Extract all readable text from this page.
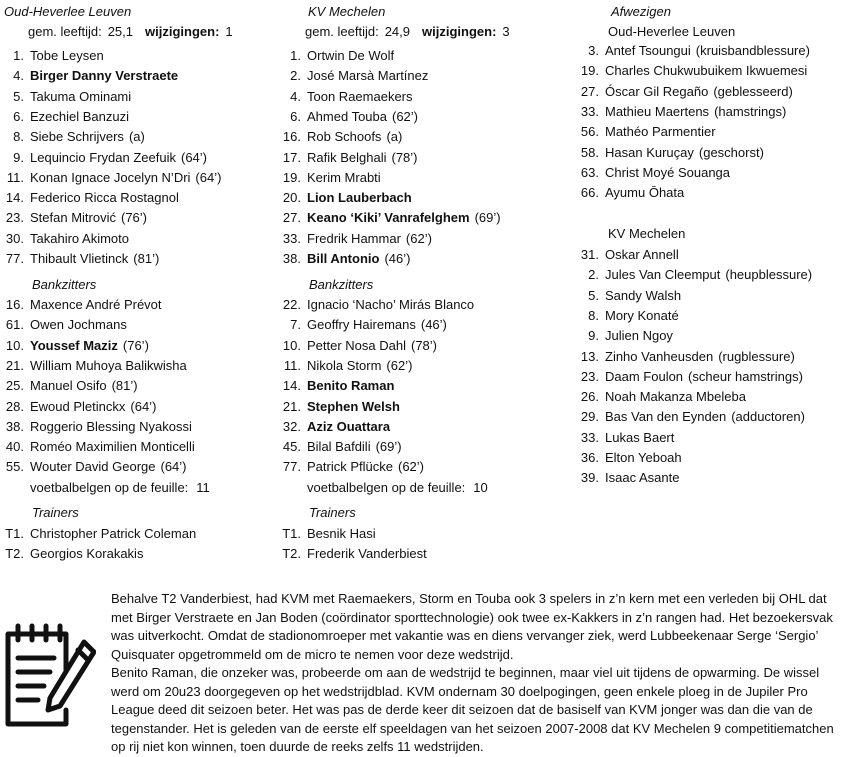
Oud-Heverlee Leuven
gem. leeftijd: 25,1 wijzigingen: 1
1. Tobe Leysen
4. Birger Danny Verstraete
5. Takuma Ominami
6. Ezechiel Banzuzi
8. Siebe Schrijvers (a)
9. Lequincio Frydan Zeefuik (64’)
11. Konan Ignace Jocelyn N’Dri (64’)
14. Federico Ricca Rostagnol
23. Stefan Mitrović (76’)
30. Takahiro Akimoto
77. Thibault Vlietinck (81’)
Bankzitters
16. Maxence André Prévot
61. Owen Jochmans
10. Youssef Maziz (76’)
21. William Muhoya Balikwisha
25. Manuel Osifo (81’)
28. Ewoud Pletinckx (64’)
38. Roggerio Blessing Nyakossi
40. Roméo Maximilien Monticelli
55. Wouter David George (64’)
voetbalbelgen op de feuille: 11
Trainers
T1. Christopher Patrick Coleman
T2. Georgios Korakakis
KV Mechelen
gem. leeftijd: 24,9 wijzigingen: 3
1. Ortwin De Wolf
2. José Marsà Martínez
4. Toon Raemaekers
6. Ahmed Touba (62’)
16. Rob Schoofs (a)
17. Rafik Belghali (78’)
19. Kerim Mrabti
20. Lion Lauberbach
27. Keano ‘Kiki’ Vanrafelghem (69’)
33. Fredrik Hammar (62’)
38. Bill Antonio (46’)
Bankzitters
22. Ignacio ‘Nacho’ Mirás Blanco
7. Geoffry Hairemans (46’)
10. Petter Nosa Dahl (78’)
11. Nikola Storm (62’)
14. Benito Raman
21. Stephen Welsh
32. Aziz Ouattara
45. Bilal Bafdili (69’)
77. Patrick Pflücke (62’)
voetbalbelgen op de feuille: 10
Trainers
T1. Besnik Hasi
T2. Frederik Vanderbiest
Afwezigen
Oud-Heverlee Leuven
3. Antef Tsoungui (kruisbandblessure)
19. Charles Chukwubuikem Ikwuemesi
27. Óscar Gil Regaño (geblesseerd)
33. Mathieu Maertens (hamstrings)
56. Mathéo Parmentier
58. Hasan Kuruçay (geschorst)
63. Christ Moyé Souanga
66. Ayumu Ōhata
KV Mechelen
31. Oskar Annell
2. Jules Van Cleemput (heupblessure)
5. Sandy Walsh
8. Mory Konaté
9. Julien Ngoy
13. Zinho Vanheusden (rugblessure)
23. Daam Foulon (scheur hamstrings)
26. Noah Makanza Mbeleba
29. Bas Van den Eynden (adductoren)
33. Lukas Baert
36. Elton Yeboah
39. Isaac Asante
Behalve T2 Vanderbiest, had KVM met Raemaekers, Storm en Touba ook 3 spelers in z’n kern met een verleden bij OHL dat met Birger Verstraete en Jan Boden (coördinator sporttechnologie) ook twee ex-Kakkers in z’n rangen had. Het bezoekersvak was uitverkocht. Omdat de stadionomroeper met vakantie was en diens vervanger ziek, werd Lubbeekenaar Serge ‘Sergio’ Quisquater opgetrommeld om de micro te nemen voor deze wedstrijd.
Benito Raman, die onzeker was, probeerde om aan de wedstrijd te beginnen, maar viel uit tijdens de opwarming. De wissel werd om 20u23 doorgegeven op het wedstrijdblad. KVM ondernam 30 doelpogingen, geen enkele ploeg in de Jupiler Pro League deed dit seizoen beter. Het was pas de derde keer dit seizoen dat de basiself van KVM jonger was dan die van de tegenstander. Het is geleden van de eerste elf speeldagen van het seizoen 2007-2008 dat KV Mechelen 9 competitiematchen op rij niet kon winnen, toen duurde de reeks zelfs 11 wedstrijden.
